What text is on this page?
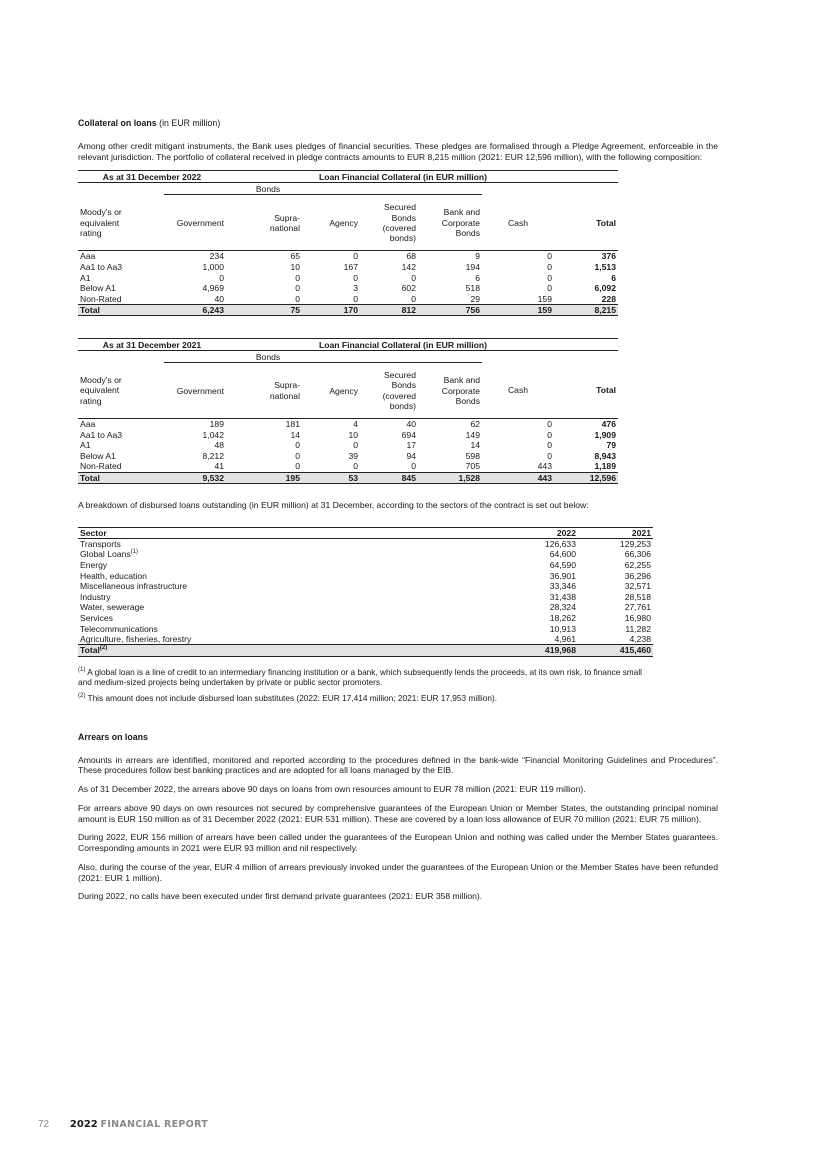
Collateral on loans (in EUR million)

Among other credit mitigant instruments, the Bank uses pledges of financial securities. These pledges are formalised through a Pledge Agreement, enforceable in the relevant jurisdiction. The portfolio of collateral received in pledge contracts amounts to EUR 8,215 million (2021: EUR 12,596 million), with the following composition:

As at 31 December 2022		Loan Financial Collateral (in EUR million)					
	Bonds						
Moody's or equivalent rating	Government	Supra-national	Agency	Secured Bonds (covered bonds)	Bank and Corporate Bonds	Cash	Total
Aaa	234	65	0	68	9	0	376
Aa1 to Aa3	1,000	10	167	142	194	0	1,513
A1	0	0	0	0	6	0	6
Below A1	4,969	0	3	602	518	0	6,092
Non-Rated	40	0	0	0	29	159	228
Total	6,243	75	170	812	756	159	8,215
As at 31 December 2021		Loan Financial Collateral (in EUR million)					
	Bonds						
Moody's or equivalent rating	Government	Supra-national	Agency	Secured Bonds (covered bonds)	Bank and Corporate Bonds	Cash	Total
Aaa	189	181	4	40	62	0	476
Aa1 to Aa3	1,042	14	10	694	149	0	1,909
A1	48	0	0	17	14	0	79
Below A1	8,212	0	39	94	598	0	8,943
Non-Rated	41	0	0	0	705	443	1,189
Total	9,532	195	53	845	1,528	443	12,596

A breakdown of disbursed loans outstanding (in EUR million) at 31 December, according to the sectors of the contract is set out below:

Sector	2022	2021
Transports	126,633	129,253
Global Loans$^{(1)}$	64,600	66,306
Energy	64,590	62,255
Health, education	36,901	36,296
Miscellaneous infrastructure	33,346	32,571
Industry	31,438	28,518
Water, sewerage	28,324	27,761
Services	18,262	16,980
Telecommunications	10,913	11,282
Agriculture, fisheries, forestry	4,961	4,238
Total$^{(2)}$	419,968	415,460

$^{(1)}$ A global loan is a line of credit to an intermediary financing institution or a bank, which subsequently lends the proceeds, at its own risk, to finance small and medium-sized projects being undertaken by private or public sector promoters.

$^{(2)}$ This amount does not include disbursed loan substitutes (2022: EUR 17,414 million; 2021: EUR 17,953 million).

Arrears on loans

Amounts in arrears are identified, monitored and reported according to the procedures defined in the bank-wide “Financial Monitoring Guidelines and Procedures”. These procedures follow best banking practices and are adopted for all loans managed by the EIB.

As of 31 December 2022, the arrears above 90 days on loans from own resources amount to EUR 78 million (2021: EUR 119 million).

For arrears above 90 days on own resources not secured by comprehensive guarantees of the European Union or Member States, the outstanding principal nominal amount is EUR 150 million as of 31 December 2022 (2021: EUR 531 million). These are covered by a loan loss allowance of EUR 70 million (2021: EUR 75 million).

During 2022, EUR 156 million of arrears have been called under the guarantees of the European Union and nothing was called under the Member States guarantees. Corresponding amounts in 2021 were EUR 93 million and nil respectively.

Also, during the course of the year, EUR 4 million of arrears previously invoked under the guarantees of the European Union or the Member States have been refunded (2021: EUR 1 million).

During 2022, no calls have been executed under first demand private guarantees (2021: EUR 358 million).

72 2022 FINANCIAL REPORT
